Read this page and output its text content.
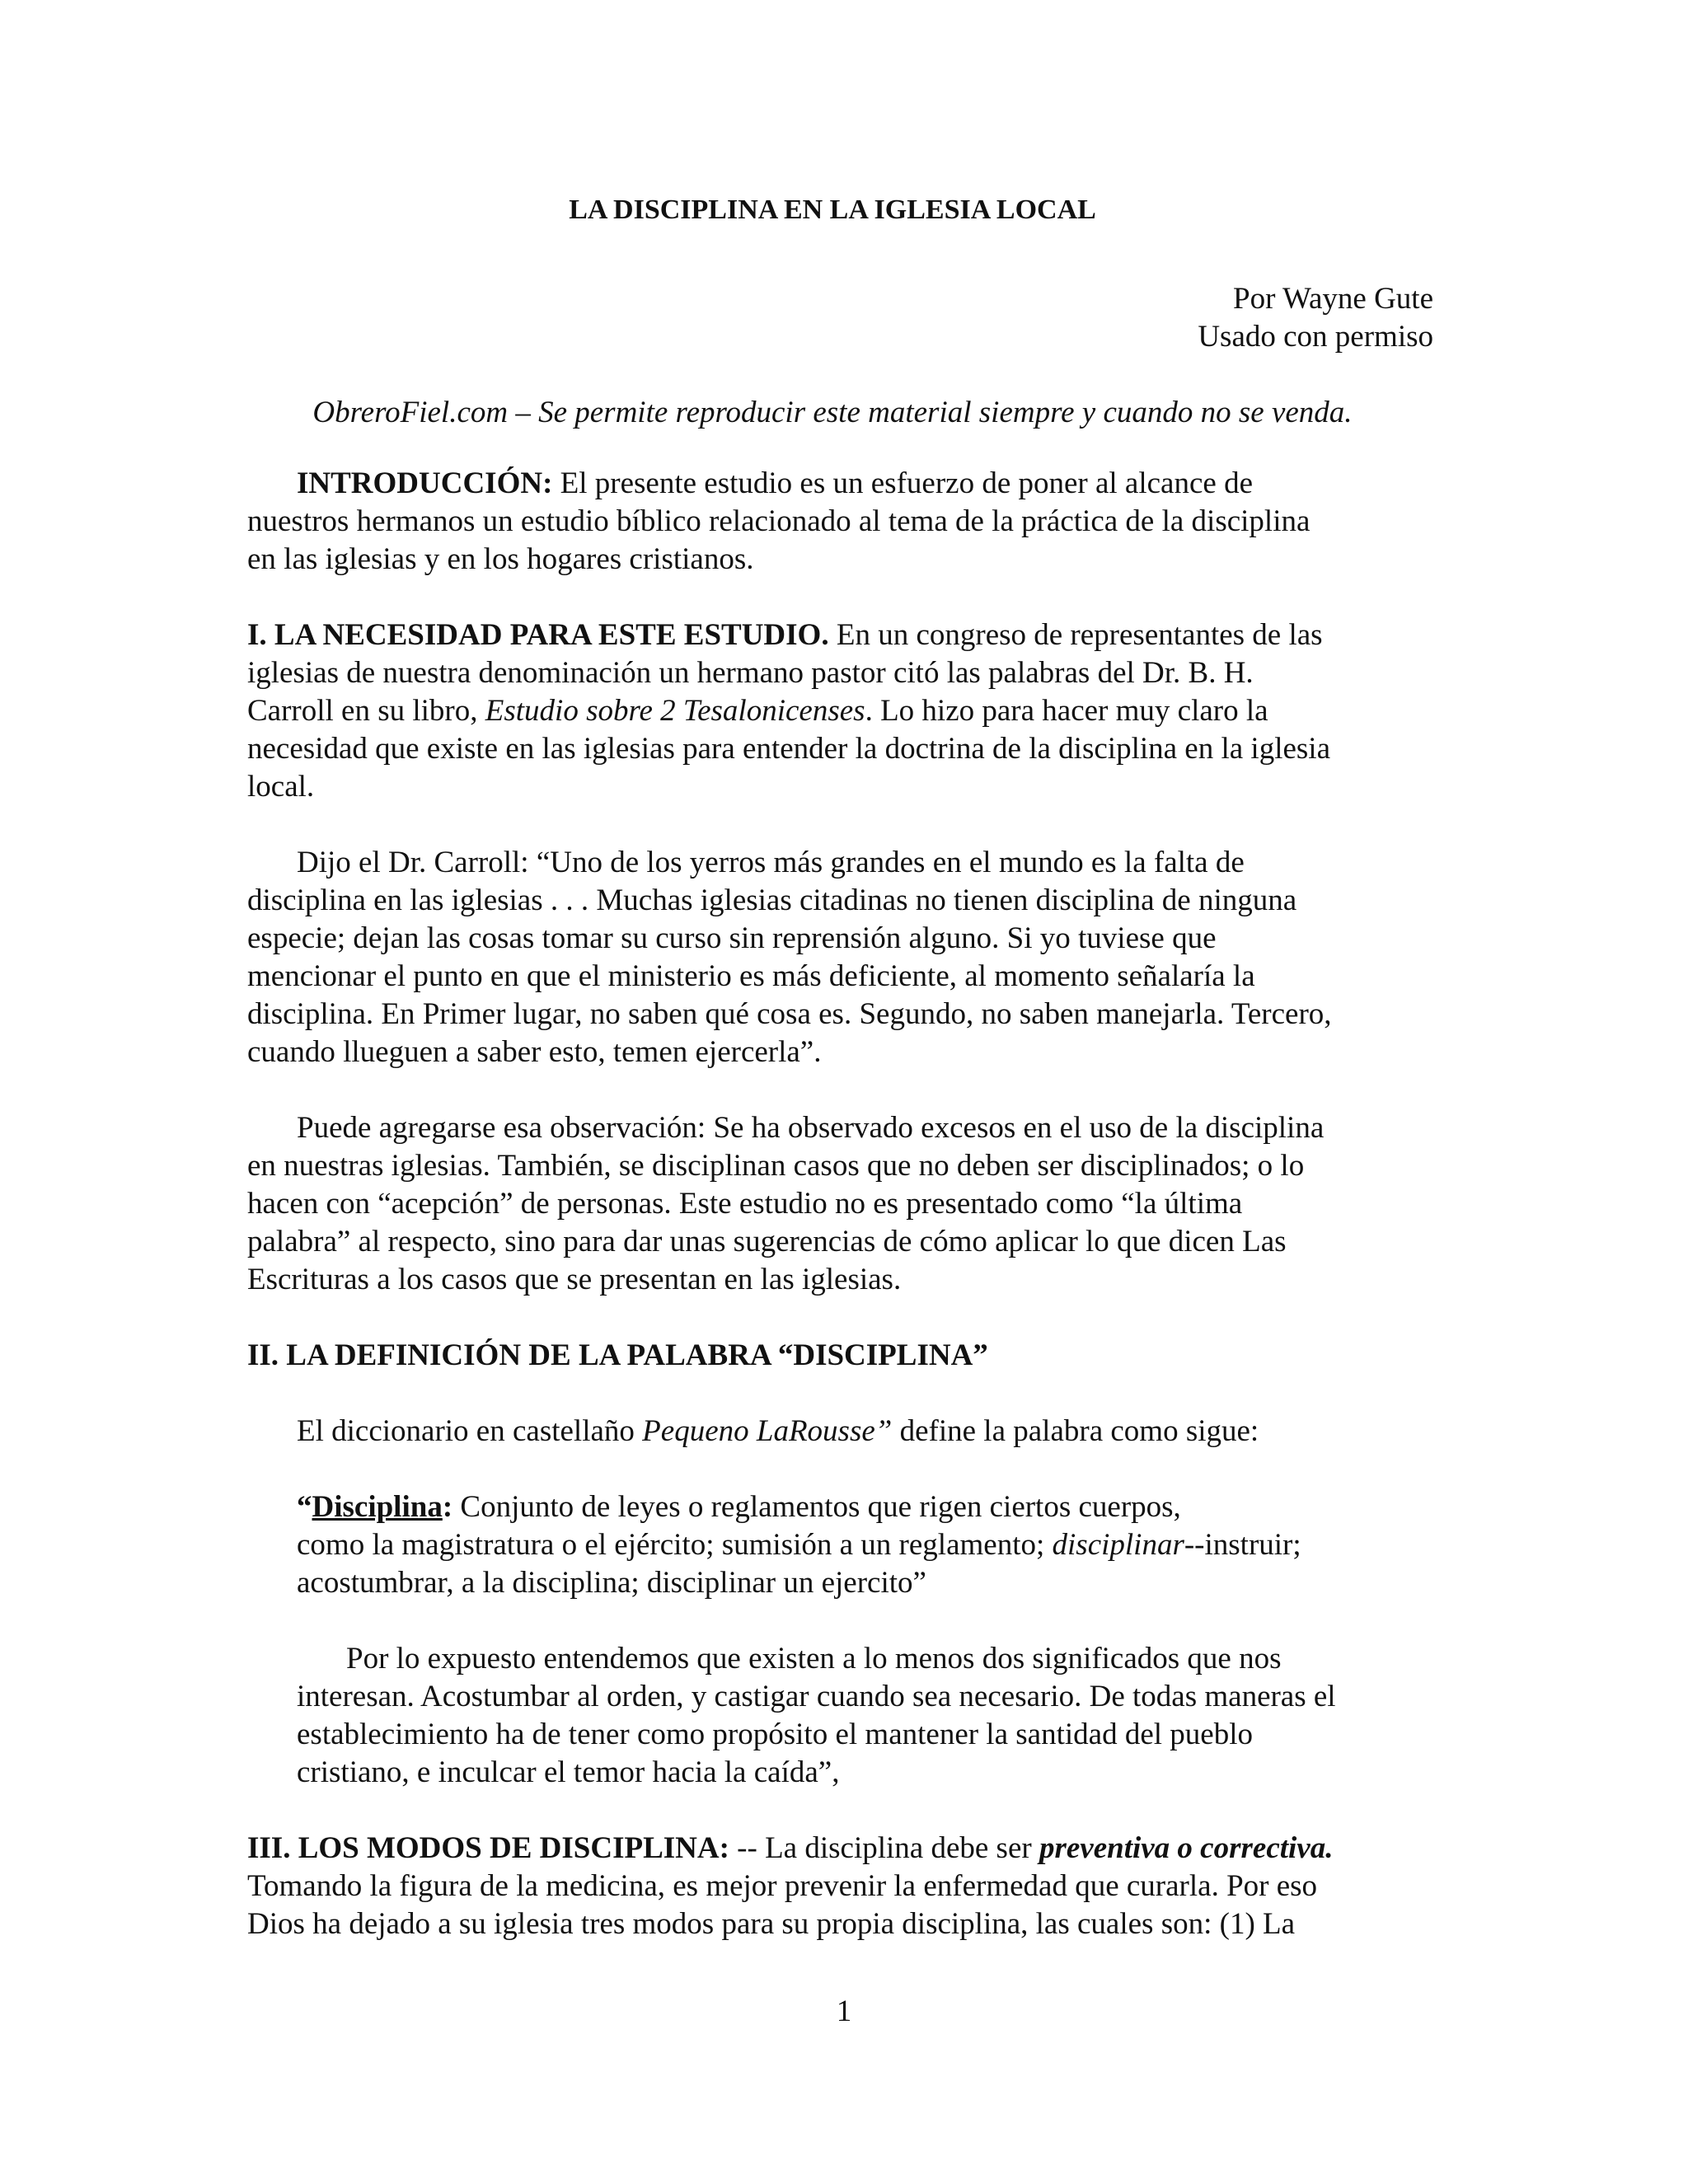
LA DISCIPLINA EN LA IGLESIA LOCAL
Por Wayne Gute
Usado con permiso
ObreroFiel.com – Se permite reproducir este material siempre y cuando no se venda.
INTRODUCCIÓN: El presente estudio es un esfuerzo de poner al alcance de
nuestros hermanos un estudio bíblico relacionado al tema de la práctica de la disciplina
en las iglesias y en los hogares cristianos.
I. LA NECESIDAD PARA ESTE ESTUDIO. En un congreso de representantes de las
iglesias de nuestra denominación un hermano pastor citó las palabras del Dr. B. H.
Carroll en su libro, Estudio sobre 2 Tesalonicenses. Lo hizo para hacer muy claro la
necesidad que existe en las iglesias para entender la doctrina de la disciplina en la iglesia
local.
Dijo el Dr. Carroll: “Uno de los yerros más grandes en el mundo es la falta de
disciplina en las iglesias . . . Muchas iglesias citadinas no tienen disciplina de ninguna
especie; dejan las cosas tomar su curso sin reprensión alguno. Si yo tuviese que
mencionar el punto en que el ministerio es más deficiente, al momento señalaría la
disciplina. En Primer lugar, no saben qué cosa es. Segundo, no saben manejarla. Tercero,
cuando llueguen a saber esto, temen ejercerla”.
Puede agregarse esa observación: Se ha observado excesos en el uso de la disciplina
en nuestras iglesias. También, se disciplinan casos que no deben ser disciplinados; o lo
hacen con “acepción” de personas. Este estudio no es presentado como “la última
palabra” al respecto, sino para dar unas sugerencias de cómo aplicar lo que dicen Las
Escrituras a los casos que se presentan en las iglesias.
II. LA DEFINICIÓN DE LA PALABRA “DISCIPLINA”
El diccionario en castellaño Pequeno LaRousse” define la palabra como sigue:
“Disciplina: Conjunto de leyes o reglamentos que rigen ciertos cuerpos,
como la magistratura o el ejército; sumisión a un reglamento; disciplinar--instruir;
acostumbrar, a la disciplina; disciplinar un ejercito”
Por lo expuesto entendemos que existen a lo menos dos significados que nos
interesan. Acostumbar al orden, y castigar cuando sea necesario. De todas maneras el
establecimiento ha de tener como propósito el mantener la santidad del pueblo
cristiano, e inculcar el temor hacia la caída”,
III. LOS MODOS DE DISCIPLINA: -- La disciplina debe ser preventiva o correctiva.
Tomando la figura de la medicina, es mejor prevenir la enfermedad que curarla. Por eso
Dios ha dejado a su iglesia tres modos para su propia disciplina, las cuales son: (1) La
1
